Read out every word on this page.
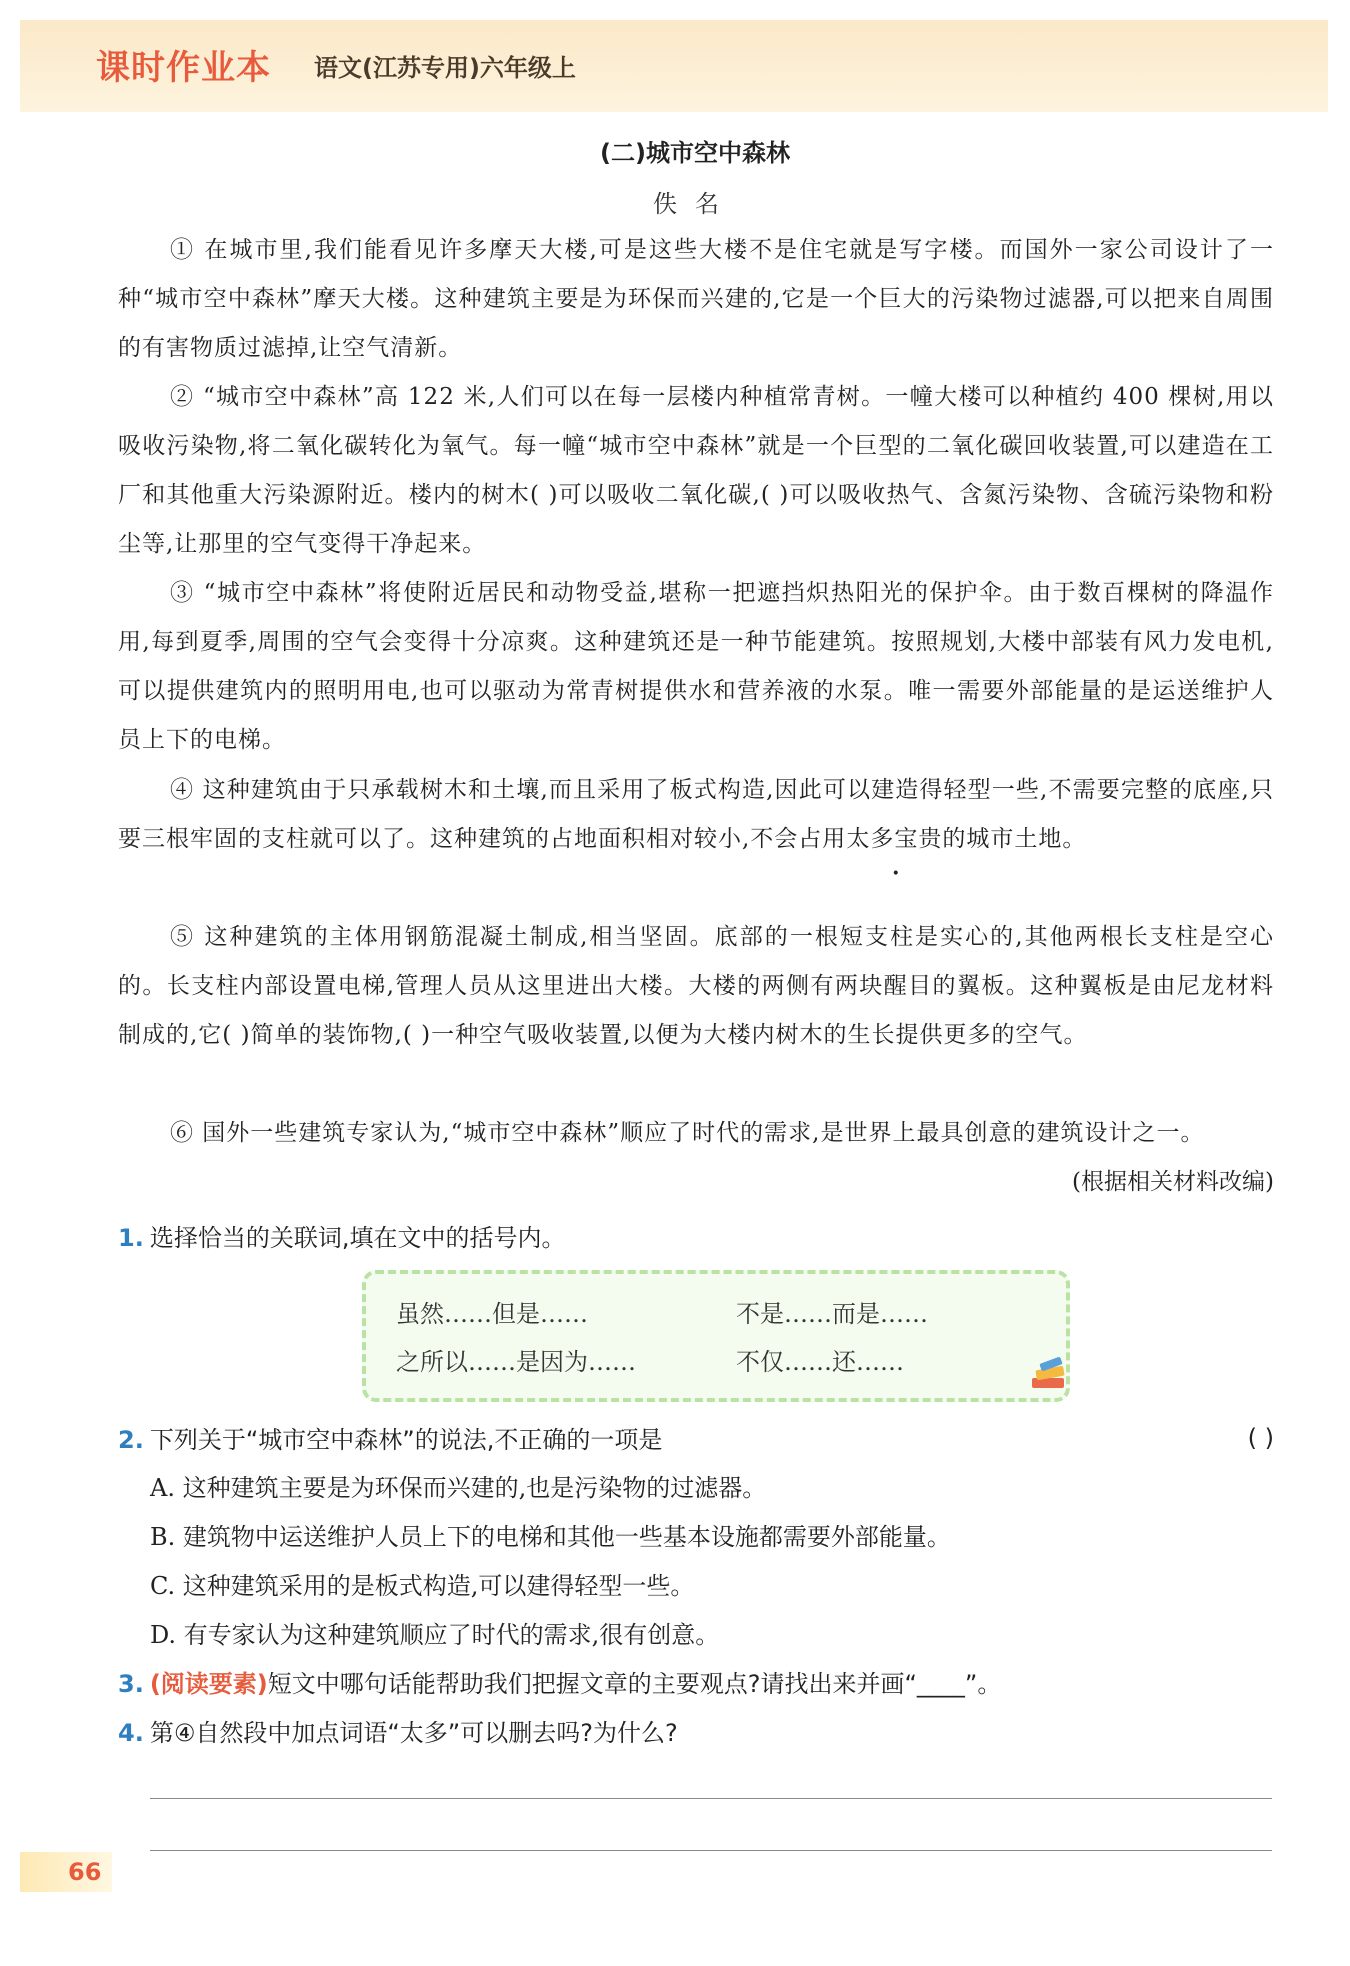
课时作业本 语文(江苏专用)六年级上
(二)城市空中森林
佚名
① 在城市里,我们能看见许多摩天大楼,可是这些大楼不是住宅就是写字楼。而国外一家公司设计了一种“城市空中森林”摩天大楼。这种建筑主要是为环保而兴建的,它是一个巨大的污染物过滤器,可以把来自周围的有害物质过滤掉,让空气清新。
② “城市空中森林”高 122 米,人们可以在每一层楼内种植常青树。一幢大楼可以种植约 400 棵树,用以吸收污染物,将二氧化碳转化为氧气。每一幢“城市空中森林”就是一个巨型的二氧化碳回收装置,可以建造在工厂和其他重大污染源附近。楼内的树木( )可以吸收二氧化碳,( )可以吸收热气、含氮污染物、含硫污染物和粉尘等,让那里的空气变得干净起来。
③ “城市空中森林”将使附近居民和动物受益,堪称一把遮挡炽热阳光的保护伞。由于数百棵树的降温作用,每到夏季,周围的空气会变得十分凉爽。这种建筑还是一种节能建筑。按照规划,大楼中部装有风力发电机,可以提供建筑内的照明用电,也可以驱动为常青树提供水和营养液的水泵。唯一需要外部能量的是运送维护人员上下的电梯。
④ 这种建筑由于只承载树木和土壤,而且采用了板式构造,因此可以建造得轻型一些,不需要完整的底座,只要三根牢固的支柱就可以了。这种建筑的占地面积相对较小,不会占用太多宝贵的城市土地。
⑤ 这种建筑的主体用钢筋混凝土制成,相当坚固。底部的一根短支柱是实心的,其他两根长支柱是空心的。长支柱内部设置电梯,管理人员从这里进出大楼。大楼的两侧有两块醒目的翼板。这种翼板是由尼龙材料制成的,它( )简单的装饰物,( )一种空气吸收装置,以便为大楼内树木的生长提供更多的空气。
⑥ 国外一些建筑专家认为,“城市空中森林”顺应了时代的需求,是世界上最具创意的建筑设计之一。
(根据相关材料改编)
1. 选择恰当的关联词,填在文中的括号内。
虽然……但是……	不是……而是……
之所以……是因为……	不仅……还……
2. 下列关于“城市空中森林”的说法,不正确的一项是	( )
A. 这种建筑主要是为环保而兴建的,也是污染物的过滤器。
B. 建筑物中运送维护人员上下的电梯和其他一些基本设施都需要外部能量。
C. 这种建筑采用的是板式构造,可以建得轻型一些。
D. 有专家认为这种建筑顺应了时代的需求,很有创意。
3. (阅读要素)短文中哪句话能帮助我们把握文章的主要观点?请找出来并画“____”。
4. 第④自然段中加点词语“太多”可以删去吗?为什么?
66
